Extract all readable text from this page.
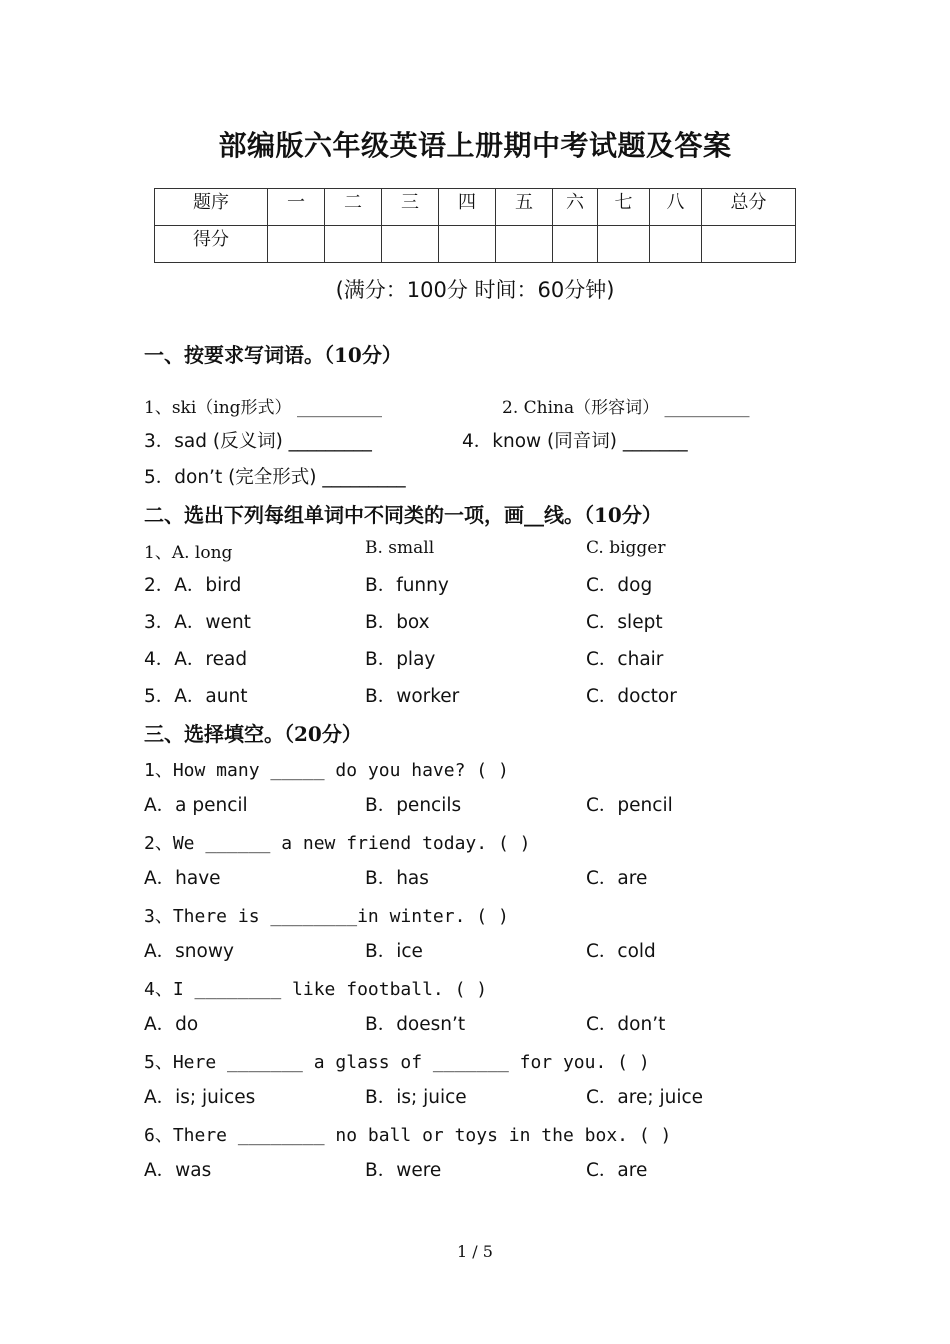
部编版六年级英语上册期中考试题及答案
题序	一	二	三	四	五	六	七	八	总分
得分									
(满分：100分 时间：60分钟)
一、按要求写词语。（10分）
1、ski（ing形式） __________	2. China（形容词） __________
3．sad (反义词) _________	4．know (同音词) _______
5．don’t (完全形式) _________
二、选出下列每组单词中不同类的一项，画__线。（10分）
1、A. long	B. small	C. bigger
2．A．bird	B．funny	C．dog
3．A．went	B．box	C．slept
4．A．read	B．play	C．chair
5．A．aunt	B．worker	C．doctor
三、选择填空。（20分）
1、How many _____ do you have? ( )
A．a pencil	B．pencils	C．pencil
2、We ______ a new friend today. ( )
A．have	B．has	C．are
3、There is ________in winter. ( )
A．snowy	B．ice	C．cold
4、I ________ like football. ( )
A．do	B．doesn’t	C．don’t
5、Here _______ a glass of _______ for you. ( )
A．is; juices	B．is; juice	C．are; juice
6、There ________ no ball or toys in the box. ( )
A．was	B．were	C．are
1 / 5
